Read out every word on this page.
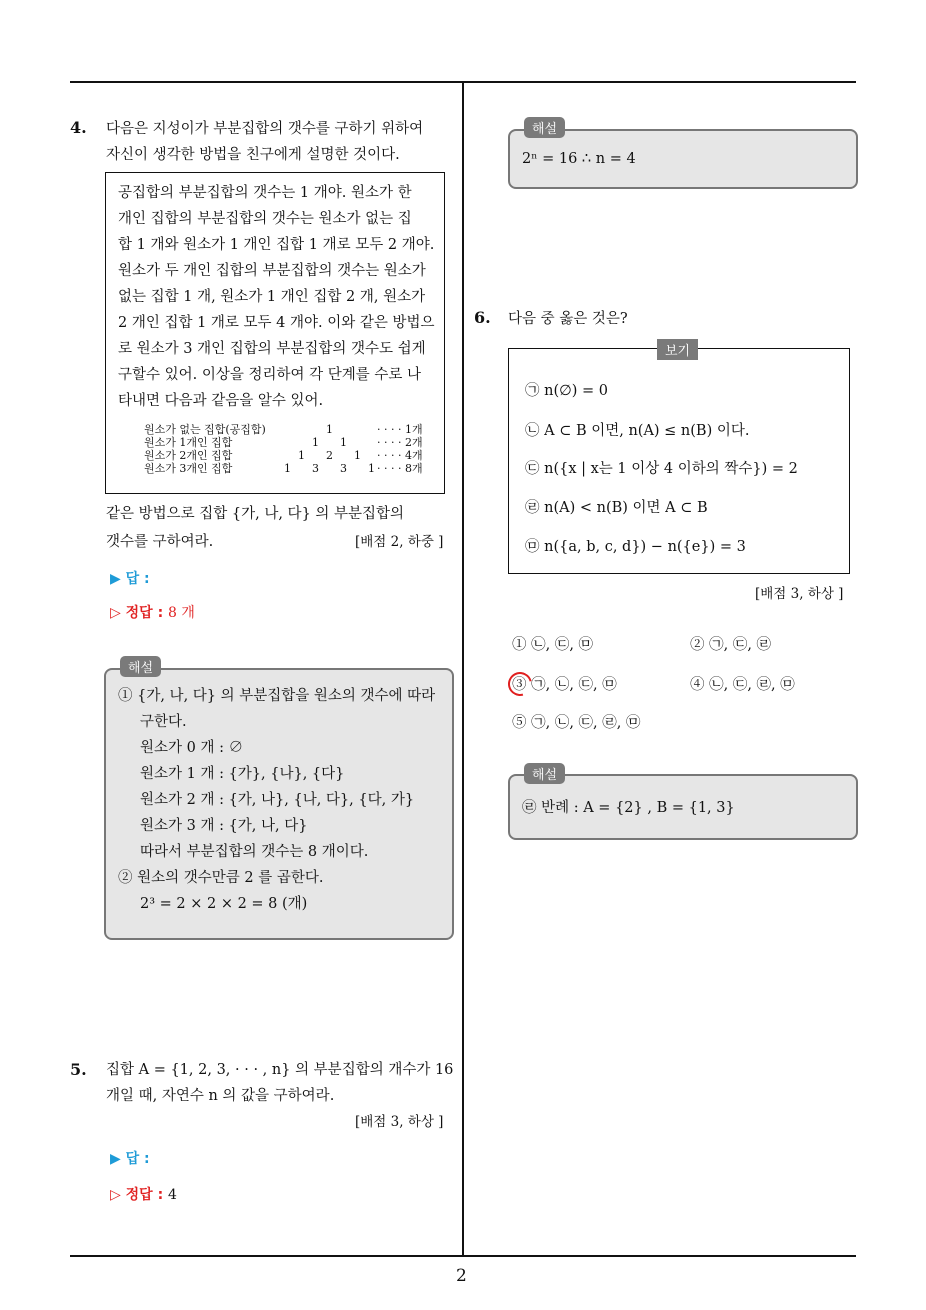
4. 다음은 지성이가 부분집합의 갯수를 구하기 위하여
자신이 생각한 방법을 친구에게 설명한 것이다.
공집합의 부분집합의 갯수는 1 개야. 원소가 한
개인 집합의 부분집합의 갯수는 원소가 없는 집
합 1 개와 원소가 1 개인 집합 1 개로 모두 2 개야.
원소가 두 개인 집합의 부분집합의 갯수는 원소가
없는 집합 1 개, 원소가 1 개인 집합 2 개, 원소가
2 개인 집합 1 개로 모두 4 개야. 이와 같은 방법으
로 원소가 3 개인 집합의 부분집합의 갯수도 쉽게
구할수 있어. 이상을 정리하여 각 단계를 수로 나
타내면 다음과 같음을 알수 있어.
원소가 없는 집합(공집합)	1	· · · · 1개
원소가 1개인 집합	1      1	· · · · 2개
원소가 2개인 집합	1      2      1	· · · · 4개
원소가 3개인 집합	1      3      3      1	· · · · 8개
같은 방법으로 집합 {가, 나, 다} 의 부분집합의
갯수를 구하여라.	[배점 2, 하중 ]
▶ 답 :
▷ 정답 : 8 개
① {가, 나, 다} 의 부분집합을 원소의 갯수에 따라
구한다.
원소가 0 개 : ∅
원소가 1 개 : {가}, {나}, {다}
원소가 2 개 : {가, 나}, {나, 다}, {다, 가}
원소가 3 개 : {가, 나, 다}
따라서 부분집합의 갯수는 8 개이다.
② 원소의 갯수만큼 2 를 곱한다.
2³ = 2 × 2 × 2 = 8 (개)
해설
5. 집합 A = {1, 2, 3, · · · , n} 의 부분집합의 개수가 16
개일 때, 자연수 n 의 값을 구하여라.
[배점 3, 하상 ]
▶ 답 :
▷ 정답 : 4
2ⁿ = 16 ∴ n = 4
해설
6. 다음 중 옳은 것은?
㉠ n(∅) = 0
㉡ A ⊂ B 이면, n(A) ≤ n(B) 이다.
㉢ n({x | x는 1 이상 4 이하의 짝수}) = 2
㉣ n(A) < n(B) 이면 A ⊂ B
㉤ n({a, b, c, d}) − n({e}) = 3
보기
[배점 3, 하상 ]
① ㉡, ㉢, ㉤	② ㉠, ㉢, ㉣
③ ㉠, ㉡, ㉢, ㉤	④ ㉡, ㉢, ㉣, ㉤
⑤ ㉠, ㉡, ㉢, ㉣, ㉤
㉣ 반례 : A = {2} , B = {1, 3}
해설
2
